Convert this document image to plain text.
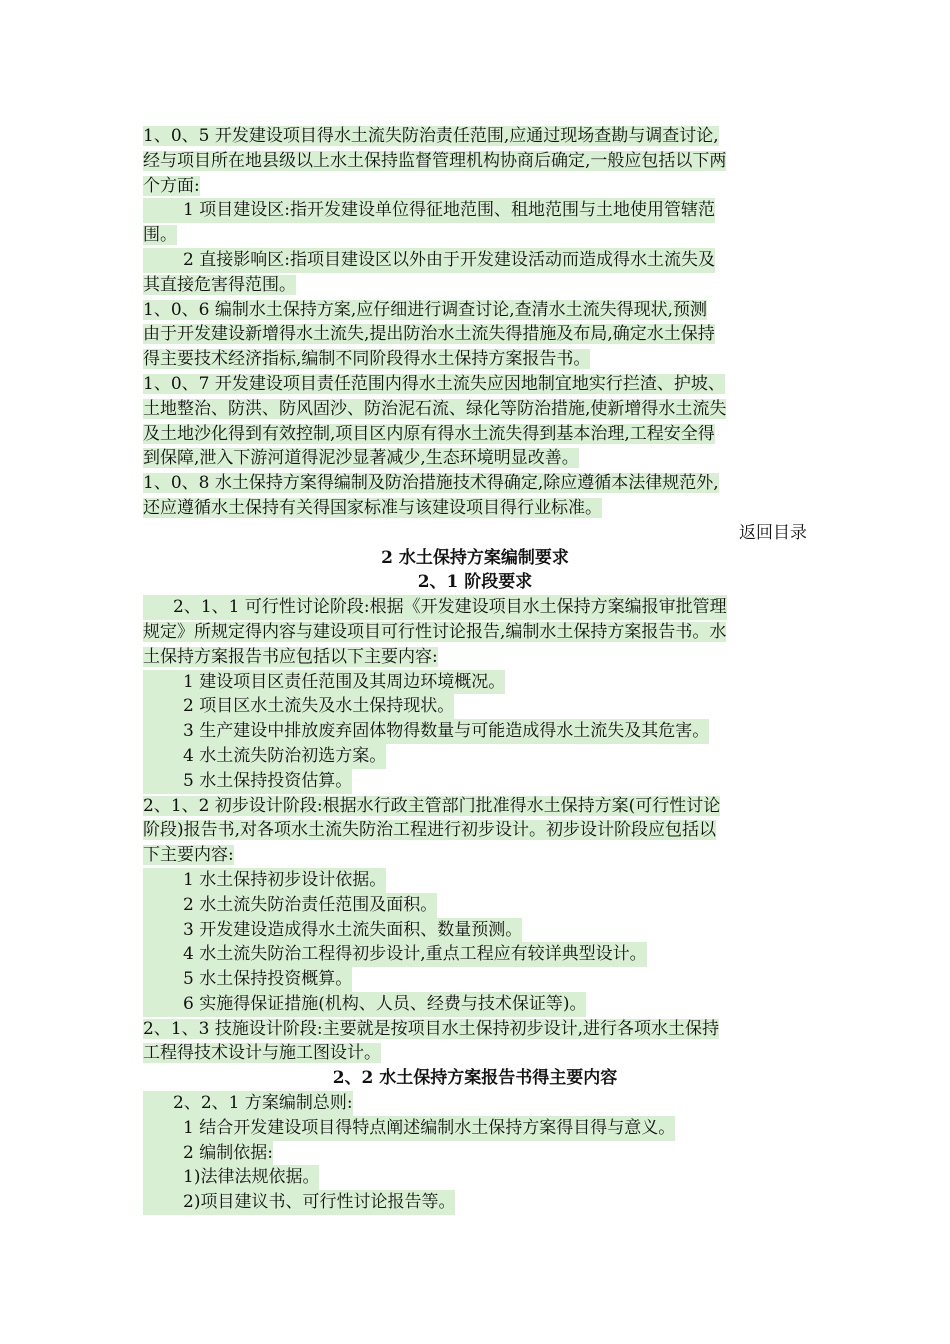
1、0、5 开发建设项目得水土流失防治责任范围,应通过现场查勘与调查讨论,
经与项目所在地县级以上水土保持监督管理机构协商后确定,一般应包括以下两
个方面:
1 项目建设区:指开发建设单位得征地范围、租地范围与土地使用管辖范
围。
2 直接影响区:指项目建设区以外由于开发建设活动而造成得水土流失及
其直接危害得范围。
1、0、6 编制水土保持方案,应仔细进行调查讨论,查清水土流失得现状,预测
由于开发建设新增得水土流失,提出防治水土流失得措施及布局,确定水土保持
得主要技术经济指标,编制不同阶段得水土保持方案报告书。
1、0、7 开发建设项目责任范围内得水土流失应因地制宜地实行拦渣、护坡、
土地整治、防洪、防风固沙、防治泥石流、绿化等防治措施,使新增得水土流失
及土地沙化得到有效控制,项目区内原有得水土流失得到基本治理,工程安全得
到保障,泄入下游河道得泥沙显著减少,生态环境明显改善。
1、0、8 水土保持方案得编制及防治措施技术得确定,除应遵循本法律规范外,
还应遵循水土保持有关得国家标准与该建设项目得行业标准。
返回目录
2 水土保持方案编制要求
2、1 阶段要求
2、1、1 可行性讨论阶段:根据《开发建设项目水土保持方案编报审批管理
规定》所规定得内容与建设项目可行性讨论报告,编制水土保持方案报告书。水
土保持方案报告书应包括以下主要内容:
1 建设项目区责任范围及其周边环境概况。
2 项目区水土流失及水土保持现状。
3 生产建设中排放废弃固体物得数量与可能造成得水土流失及其危害。
4 水土流失防治初选方案。
5 水土保持投资估算。
2、1、2 初步设计阶段:根据水行政主管部门批准得水土保持方案(可行性讨论
阶段)报告书,对各项水土流失防治工程进行初步设计。初步设计阶段应包括以
下主要内容:
1 水土保持初步设计依据。
2 水土流失防治责任范围及面积。
3 开发建设造成得水土流失面积、数量预测。
4 水土流失防治工程得初步设计,重点工程应有较详典型设计。
5 水土保持投资概算。
6 实施得保证措施(机构、人员、经费与技术保证等)。
2、1、3 技施设计阶段:主要就是按项目水土保持初步设计,进行各项水土保持
工程得技术设计与施工图设计。
2、2 水土保持方案报告书得主要内容
2、2、1 方案编制总则:
1 结合开发建设项目得特点阐述编制水土保持方案得目得与意义。
2 编制依据:
1)法律法规依据。
2)项目建议书、可行性讨论报告等。
